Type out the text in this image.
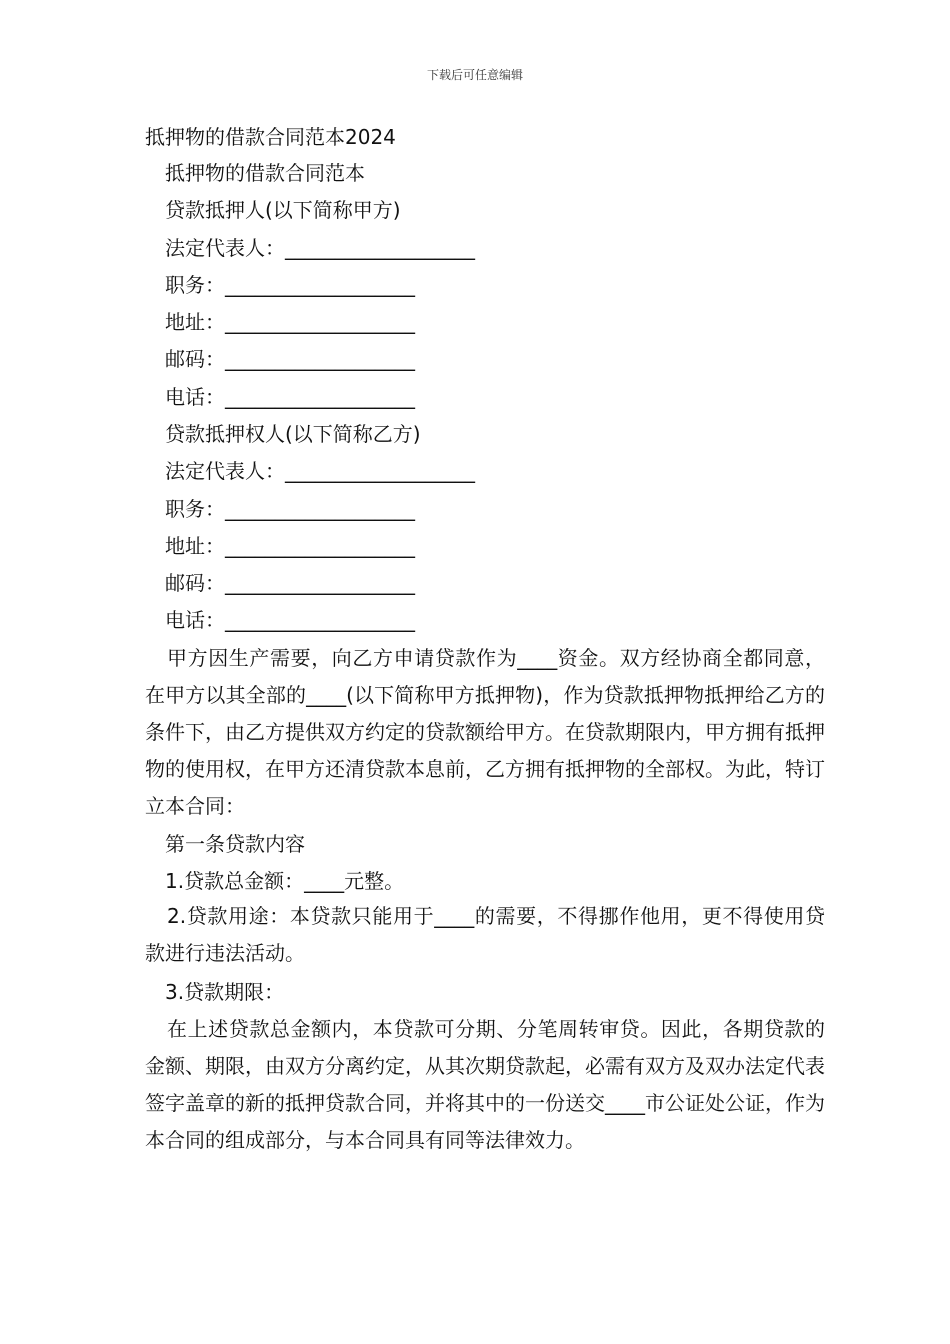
下载后可任意编辑
抵押物的借款合同范本2024
抵押物的借款合同范本
贷款抵押人(以下简称甲方)
法定代表人：___________________
职务：___________________
地址：___________________
邮码：___________________
电话：___________________
贷款抵押权人(以下简称乙方)
法定代表人：___________________
职务：___________________
地址：___________________
邮码：___________________
电话：___________________
甲方因生产需要，向乙方申请贷款作为____资金。双方经协商全都同意，在甲方以其全部的____(以下简称甲方抵押物)，作为贷款抵押物抵押给乙方的条件下，由乙方提供双方约定的贷款额给甲方。在贷款期限内，甲方拥有抵押物的使用权，在甲方还清贷款本息前，乙方拥有抵押物的全部权。为此，特订立本合同：
第一条贷款内容
1.贷款总金额：____元整。
2.贷款用途：本贷款只能用于____的需要，不得挪作他用，更不得使用贷款进行违法活动。
3.贷款期限：
在上述贷款总金额内，本贷款可分期、分笔周转审贷。因此，各期贷款的金额、期限，由双方分离约定，从其次期贷款起，必需有双方及双办法定代表签字盖章的新的抵押贷款合同，并将其中的一份送交____市公证处公证，作为本合同的组成部分，与本合同具有同等法律效力。
